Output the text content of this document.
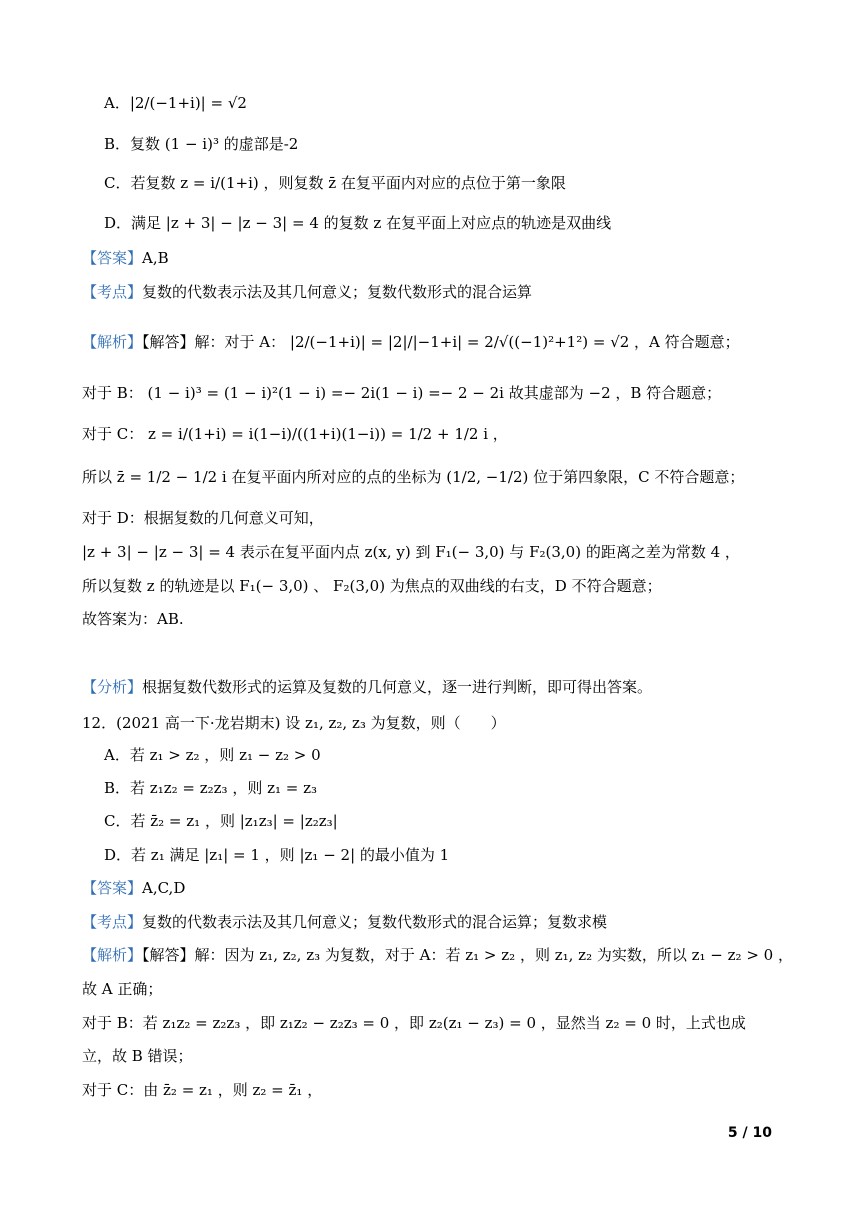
A．|2/(−1+i)| = √2
B．复数 (1 − i)³ 的虚部是-2
C．若复数 z = i/(1+i) ，则复数 z̄ 在复平面内对应的点位于第一象限
D．满足 |z + 3| − |z − 3| = 4 的复数 z 在复平面上对应点的轨迹是双曲线
【答案】A,B
【考点】复数的代数表示法及其几何意义；复数代数形式的混合运算
【解析】【解答】解：对于 A： |2/(−1+i)| = |2|/|−1+i| = 2/√((−1)²+1²) = √2 ，A 符合题意；
对于 B： (1 − i)³ = (1 − i)²(1 − i) =− 2i(1 − i) =− 2 − 2i 故其虚部为 −2 ，B 符合题意；
对于 C： z = i/(1+i) = i(1−i)/((1+i)(1−i)) = 1/2 + 1/2 i ，
所以 z̄ = 1/2 − 1/2 i 在复平面内所对应的点的坐标为 (1/2, −1/2) 位于第四象限，C 不符合题意；
对于 D：根据复数的几何意义可知，
|z + 3| − |z − 3| = 4 表示在复平面内点 z(x, y) 到 F₁(− 3,0) 与 F₂(3,0) 的距离之差为常数 4 ，
所以复数 z 的轨迹是以 F₁(− 3,0) 、 F₂(3,0) 为焦点的双曲线的右支，D 不符合题意；
故答案为：AB.
【分析】根据复数代数形式的运算及复数的几何意义，逐一进行判断，即可得出答案。
12．(2021 高一下·龙岩期末) 设 z₁, z₂, z₃ 为复数，则（　　）
A．若 z₁ > z₂ ，则 z₁ − z₂ > 0
B．若 z₁z₂ = z₂z₃ ，则 z₁ = z₃
C．若 z̄₂ = z₁ ，则 |z₁z₃| = |z₂z₃|
D．若 z₁ 满足 |z₁| = 1 ，则 |z₁ − 2| 的最小值为 1
【答案】A,C,D
【考点】复数的代数表示法及其几何意义；复数代数形式的混合运算；复数求模
【解析】【解答】解：因为 z₁, z₂, z₃ 为复数，对于 A：若 z₁ > z₂ ，则 z₁, z₂ 为实数，所以 z₁ − z₂ > 0 ，
故 A 正确；
对于 B：若 z₁z₂ = z₂z₃ ，即 z₁z₂ − z₂z₃ = 0 ，即 z₂(z₁ − z₃) = 0 ，显然当 z₂ = 0 时，上式也成
立，故 B 错误；
对于 C：由 z̄₂ = z₁ ，则 z₂ = z̄₁ ，
5 / 10
